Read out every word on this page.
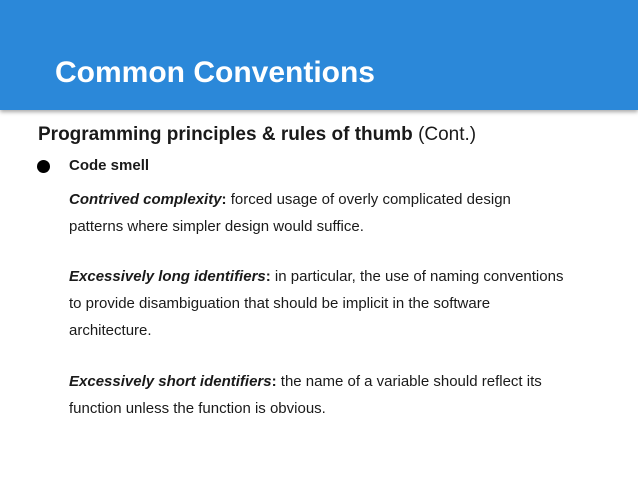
Common Conventions
Programming principles & rules of thumb (Cont.)
Code smell
Contrived complexity: forced usage of overly complicated design
patterns where simpler design would suffice.
Excessively long identifiers: in particular, the use of naming conventions
to provide disambiguation that should be implicit in the software
architecture.
Excessively short identifiers: the name of a variable should reflect its
function unless the function is obvious.
